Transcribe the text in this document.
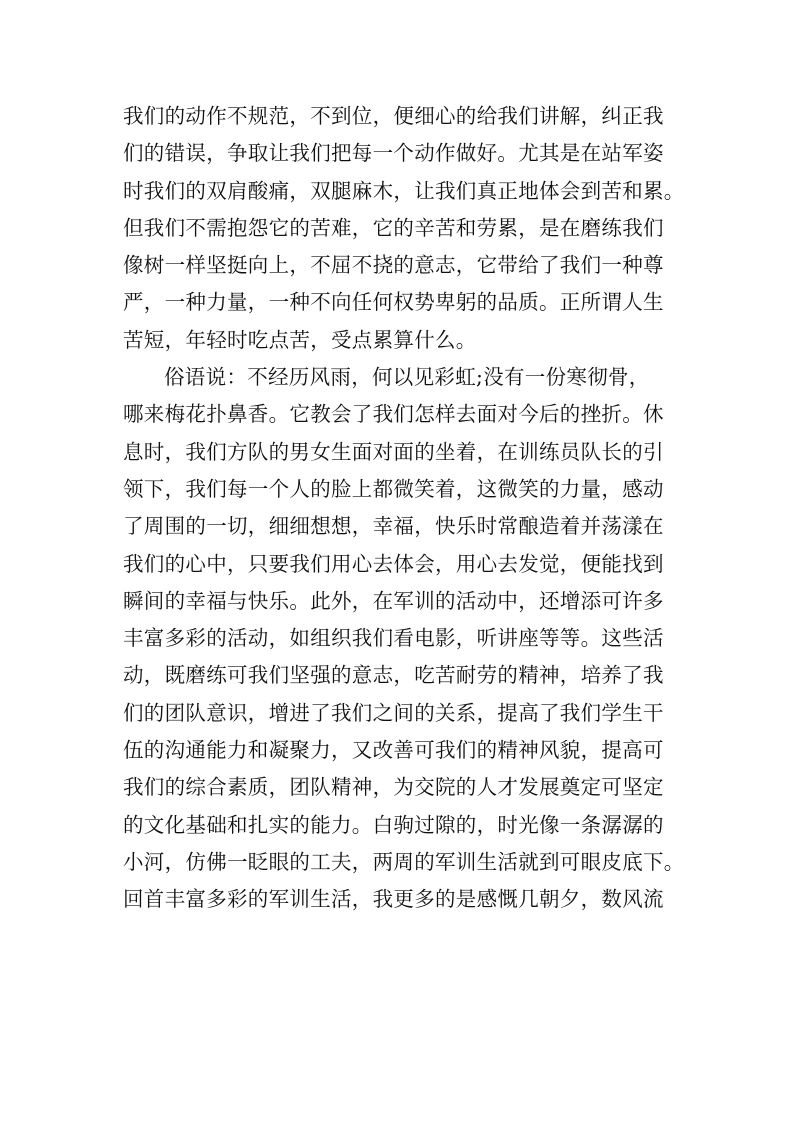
我们的动作不规范，不到位，便细心的给我们讲解，纠正我
们的错误，争取让我们把每一个动作做好。尤其是在站军姿
时我们的双肩酸痛，双腿麻木，让我们真正地体会到苦和累。
但我们不需抱怨它的苦难，它的辛苦和劳累，是在磨练我们
像树一样坚挺向上，不屈不挠的意志，它带给了我们一种尊
严，一种力量，一种不向任何权势卑躬的品质。正所谓人生
苦短，年轻时吃点苦，受点累算什么。
俗语说：不经历风雨，何以见彩虹;没有一份寒彻骨，
哪来梅花扑鼻香。它教会了我们怎样去面对今后的挫折。休
息时，我们方队的男女生面对面的坐着，在训练员队长的引
领下，我们每一个人的脸上都微笑着，这微笑的力量，感动
了周围的一切，细细想想，幸福，快乐时常酿造着并荡漾在
我们的心中，只要我们用心去体会，用心去发觉，便能找到
瞬间的幸福与快乐。此外，在军训的活动中，还增添可许多
丰富多彩的活动，如组织我们看电影，听讲座等等。这些活
动，既磨练可我们坚强的意志，吃苦耐劳的精神，培养了我
们的团队意识，增进了我们之间的关系，提高了我们学生干
伍的沟通能力和凝聚力，又改善可我们的精神风貌，提高可
我们的综合素质，团队精神，为交院的人才发展奠定可坚定
的文化基础和扎实的能力。白驹过隙的，时光像一条潺潺的
小河，仿佛一眨眼的工夫，两周的军训生活就到可眼皮底下。
回首丰富多彩的军训生活，我更多的是感慨几朝夕，数风流
